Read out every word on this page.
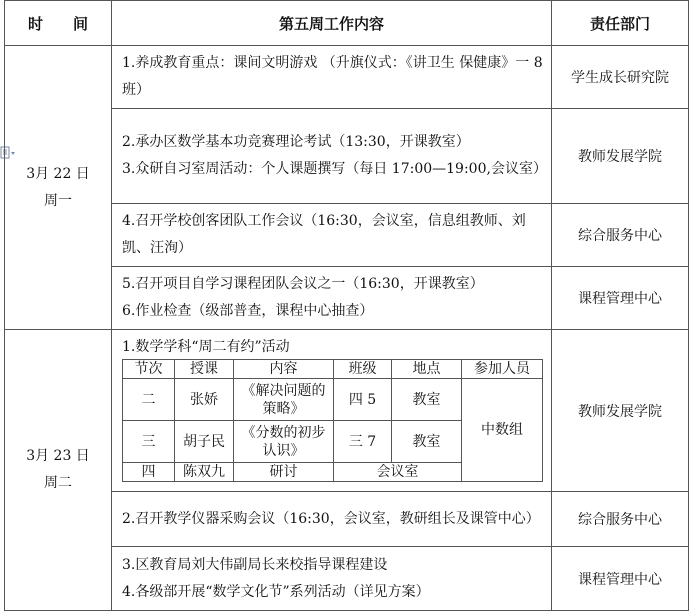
时　　间	第五周工作内容	责任部门

3月 22 日
周一

1.养成教育重点：课间文明游戏 （升旗仪式：《讲卫生 保健康》一 8 班）
	学生成长研究院

2.承办区数学基本功竞赛理论考试（13:30，开课教室）
3.众研自习室周活动：个人课题撰写（每日 17:00—19:00,会议室）
	教师发展学院

4.召开学校创客团队工作会议（16:30，会议室，信息组教师、刘凯、汪洵）
	综合服务中心

5.召开项目自学习课程团队会议之一（16:30，开课教室）
6.作业检查（级部普查，课程中心抽查）
	课程管理中心

3月 23 日
周二

1.数学学科“周二有约”活动
节次	授课	内容	班级	地点	参加人员
二	张娇	《解决问题的策略》	四 5	教室	中数组
三	胡子民	《分数的初步认识》	三 7	教室
四	陈双九	研讨	会议室
	教师发展学院

2.召开教学仪器采购会议（16:30，会议室，教研组长及课管中心）	综合服务中心

3.区教育局刘大伟副局长来校指导课程建设
4.各级部开展“数学文化节”系列活动（详见方案）
	课程管理中心
